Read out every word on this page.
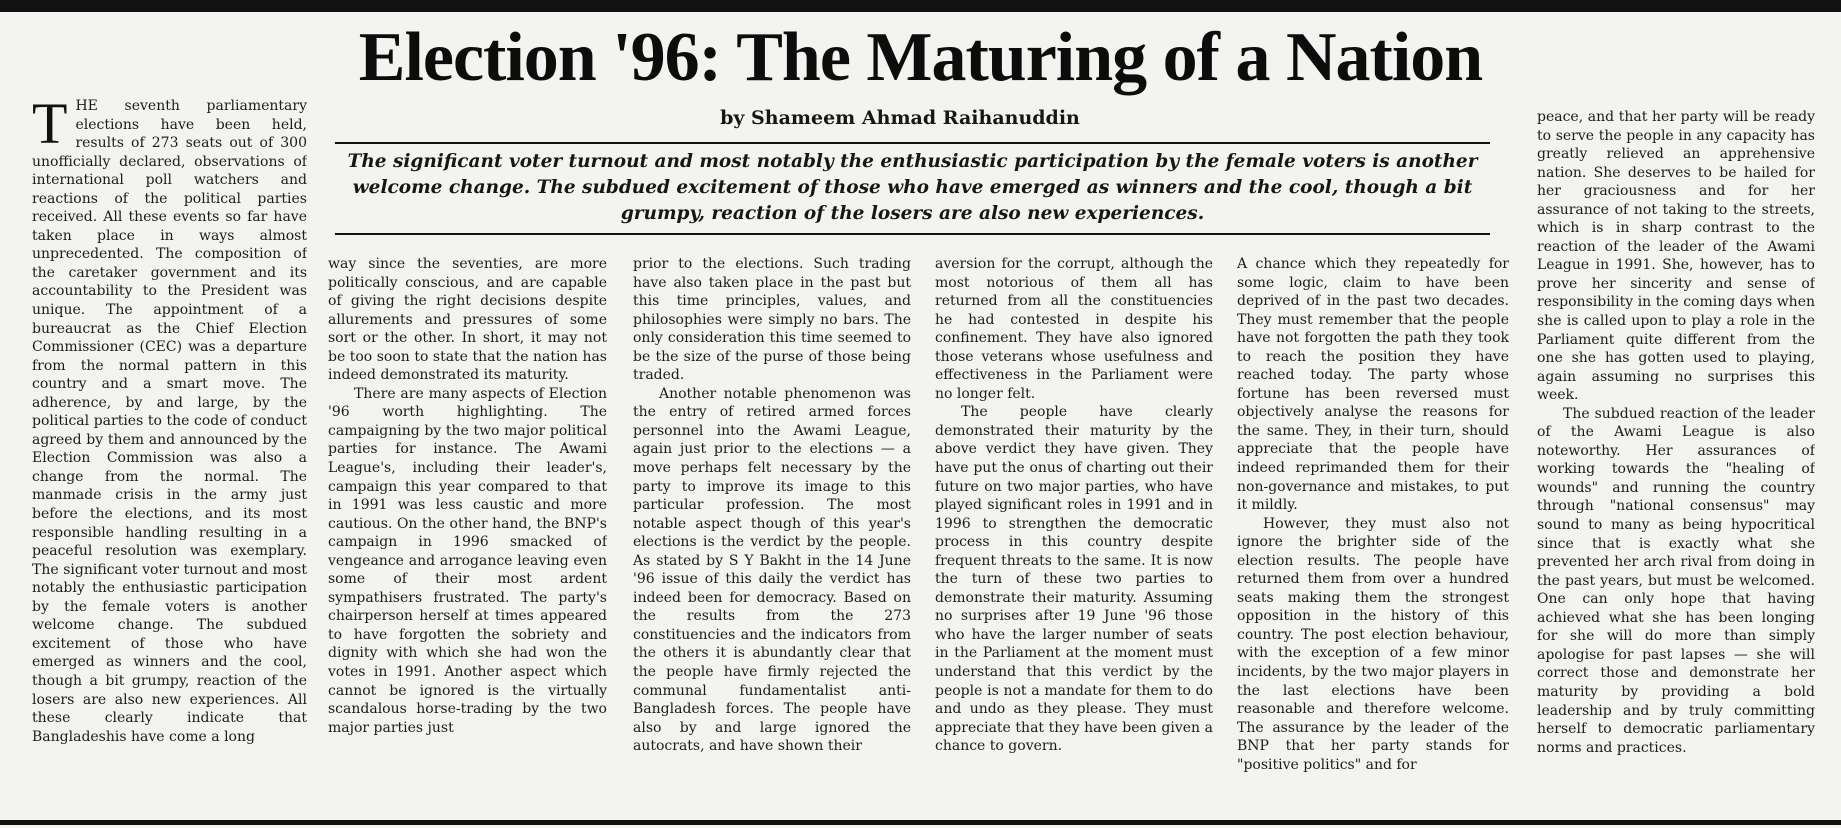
Election '96: The Maturing of a Nation
by Shameem Ahmad Raihanuddin
The significant voter turnout and most notably the enthusiastic participation by the female voters is another welcome change. The subdued excitement of those who have emerged as winners and the cool, though a bit grumpy, reaction of the losers are also new experiences.

THE seventh parliamentary elections have been held, results of 273 seats out of 300 unofficially declared, observations of international poll watchers and reactions of the political parties received. All these events so far have taken place in ways almost unprecedented. The composition of the caretaker government and its accountability to the President was unique. The appointment of a bureaucrat as the Chief Election Commissioner (CEC) was a departure from the normal pattern in this country and a smart move. The adherence, by and large, by the political parties to the code of conduct agreed by them and announced by the Election Commission was also a change from the normal. The manmade crisis in the army just before the elections, and its most responsible handling resulting in a peaceful resolution was exemplary. The significant voter turnout and most notably the enthusiastic participation by the female voters is another welcome change. The subdued excitement of those who have emerged as winners and the cool, though a bit grumpy, reaction of the losers are also new experiences. All these clearly indicate that Bangladeshis have come a long

way since the seventies, are more politically conscious, and are capable of giving the right decisions despite allurements and pressures of some sort or the other. In short, it may not be too soon to state that the nation has indeed demonstrated its maturity.

There are many aspects of Election '96 worth highlighting. The campaigning by the two major political parties for instance. The Awami League's, including their leader's, campaign this year compared to that in 1991 was less caustic and more cautious. On the other hand, the BNP's campaign in 1996 smacked of vengeance and arrogance leaving even some of their most ardent sympathisers frustrated. The party's chairperson herself at times appeared to have forgotten the sobriety and dignity with which she had won the votes in 1991. Another aspect which cannot be ignored is the virtually scandalous horse-trading by the two major parties just

prior to the elections. Such trading have also taken place in the past but this time principles, values, and philosophies were simply no bars. The only consideration this time seemed to be the size of the purse of those being traded.

Another notable phenomenon was the entry of retired armed forces personnel into the Awami League, again just prior to the elections — a move perhaps felt necessary by the party to improve its image to this particular profession. The most notable aspect though of this year's elections is the verdict by the people. As stated by S Y Bakht in the 14 June '96 issue of this daily the verdict has indeed been for democracy. Based on the results from the 273 constituencies and the indicators from the others it is abundantly clear that the people have firmly rejected the communal fundamentalist anti-Bangladesh forces. The people have also by and large ignored the autocrats, and have shown their

aversion for the corrupt, although the most notorious of them all has returned from all the constituencies he had contested in despite his confinement. They have also ignored those veterans whose usefulness and effectiveness in the Parliament were no longer felt.

The people have clearly demonstrated their maturity by the above verdict they have given. They have put the onus of charting out their future on two major parties, who have played significant roles in 1991 and in 1996 to strengthen the democratic process in this country despite frequent threats to the same. It is now the turn of these two parties to demonstrate their maturity. Assuming no surprises after 19 June '96 those who have the larger number of seats in the Parliament at the moment must understand that this verdict by the people is not a mandate for them to do and undo as they please. They must appreciate that they have been given a chance to govern.

A chance which they repeatedly for some logic, claim to have been deprived of in the past two decades. They must remember that the people have not forgotten the path they took to reach the position they have reached today. The party whose fortune has been reversed must objectively analyse the reasons for the same. They, in their turn, should appreciate that the people have indeed reprimanded them for their non-governance and mistakes, to put it mildly.

However, they must also not ignore the brighter side of the election results. The people have returned them from over a hundred seats making them the strongest opposition in the history of this country. The post election behaviour, with the exception of a few minor incidents, by the two major players in the last elections have been reasonable and therefore welcome. The assurance by the leader of the BNP that her party stands for "positive politics" and for

peace, and that her party will be ready to serve the people in any capacity has greatly relieved an apprehensive nation. She deserves to be hailed for her graciousness and for her assurance of not taking to the streets, which is in sharp contrast to the reaction of the leader of the Awami League in 1991. She, however, has to prove her sincerity and sense of responsibility in the coming days when she is called upon to play a role in the Parliament quite different from the one she has gotten used to playing, again assuming no surprises this week.

The subdued reaction of the leader of the Awami League is also noteworthy. Her assurances of working towards the "healing of wounds" and running the country through "national consensus" may sound to many as being hypocritical since that is exactly what she prevented her arch rival from doing in the past years, but must be welcomed. One can only hope that having achieved what she has been longing for she will do more than simply apologise for past lapses — she will correct those and demonstrate her maturity by providing a bold leadership and by truly committing herself to democratic parliamentary norms and practices.
